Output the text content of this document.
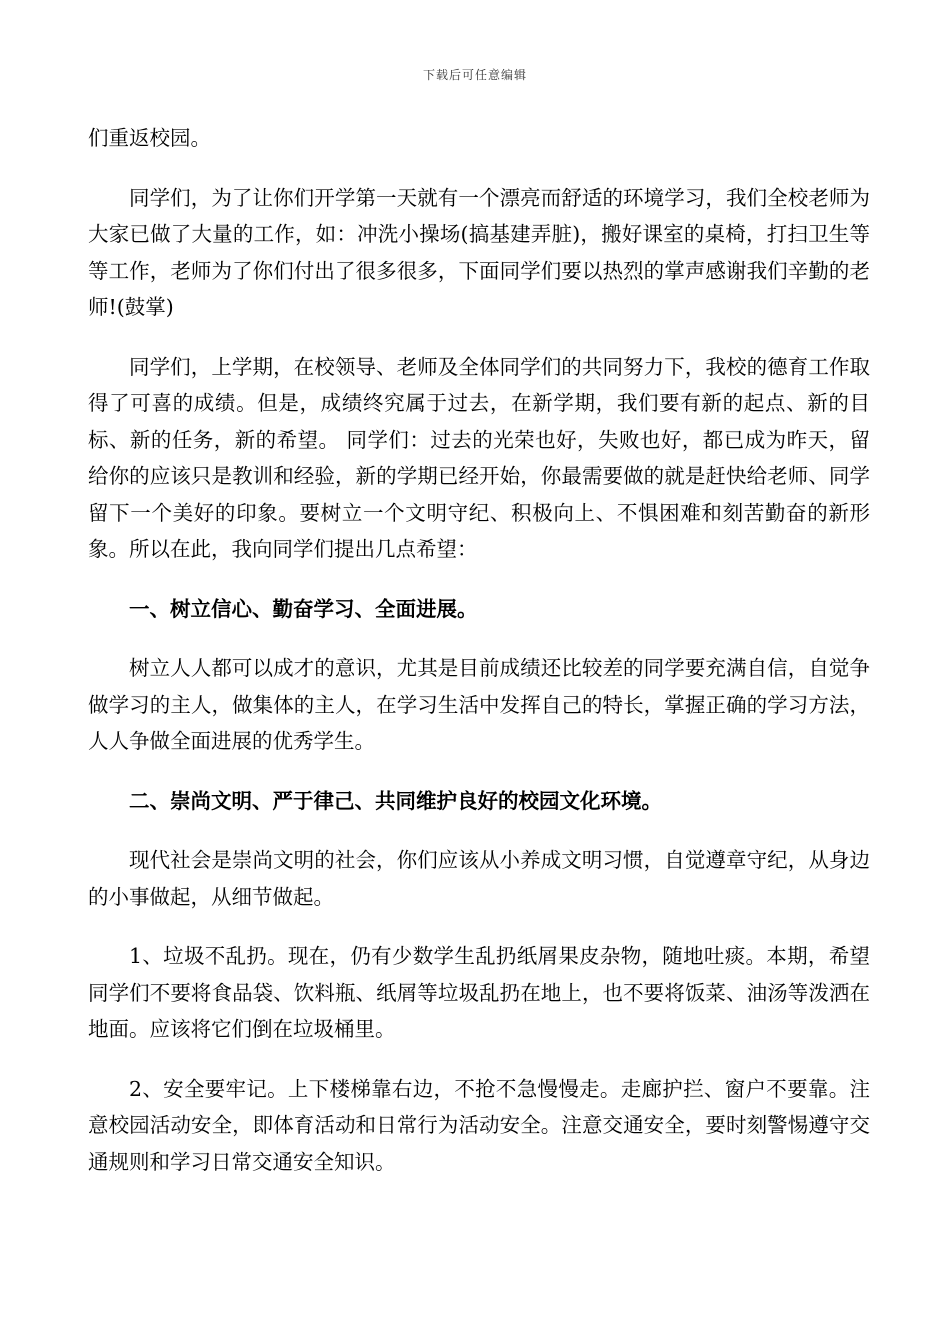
下载后可任意编辑

们重返校园。

同学们，为了让你们开学第一天就有一个漂亮而舒适的环境学习，我们全校老师为大家已做了大量的工作，如：冲洗小操场(搞基建弄脏)，搬好课室的桌椅，打扫卫生等等工作，老师为了你们付出了很多很多，下面同学们要以热烈的掌声感谢我们辛勤的老师!(鼓掌)

同学们，上学期，在校领导、老师及全体同学们的共同努力下，我校的德育工作取得了可喜的成绩。但是，成绩终究属于过去，在新学期，我们要有新的起点、新的目标、新的任务，新的希望。 同学们：过去的光荣也好，失败也好，都已成为昨天，留给你的应该只是教训和经验，新的学期已经开始，你最需要做的就是赶快给老师、同学留下一个美好的印象。要树立一个文明守纪、积极向上、不惧困难和刻苦勤奋的新形象。所以在此，我向同学们提出几点希望：

一、树立信心、勤奋学习、全面进展。

树立人人都可以成才的意识，尤其是目前成绩还比较差的同学要充满自信，自觉争做学习的主人，做集体的主人，在学习生活中发挥自己的特长，掌握正确的学习方法，人人争做全面进展的优秀学生。

二、崇尚文明、严于律己、共同维护良好的校园文化环境。

现代社会是崇尚文明的社会，你们应该从小养成文明习惯，自觉遵章守纪，从身边的小事做起，从细节做起。

1、垃圾不乱扔。现在，仍有少数学生乱扔纸屑果皮杂物，随地吐痰。本期，希望同学们不要将食品袋、饮料瓶、纸屑等垃圾乱扔在地上，也不要将饭菜、油汤等泼洒在地面。应该将它们倒在垃圾桶里。

2、安全要牢记。上下楼梯靠右边，不抢不急慢慢走。走廊护拦、窗户不要靠。注意校园活动安全，即体育活动和日常行为活动安全。注意交通安全，要时刻警惕遵守交通规则和学习日常交通安全知识。
